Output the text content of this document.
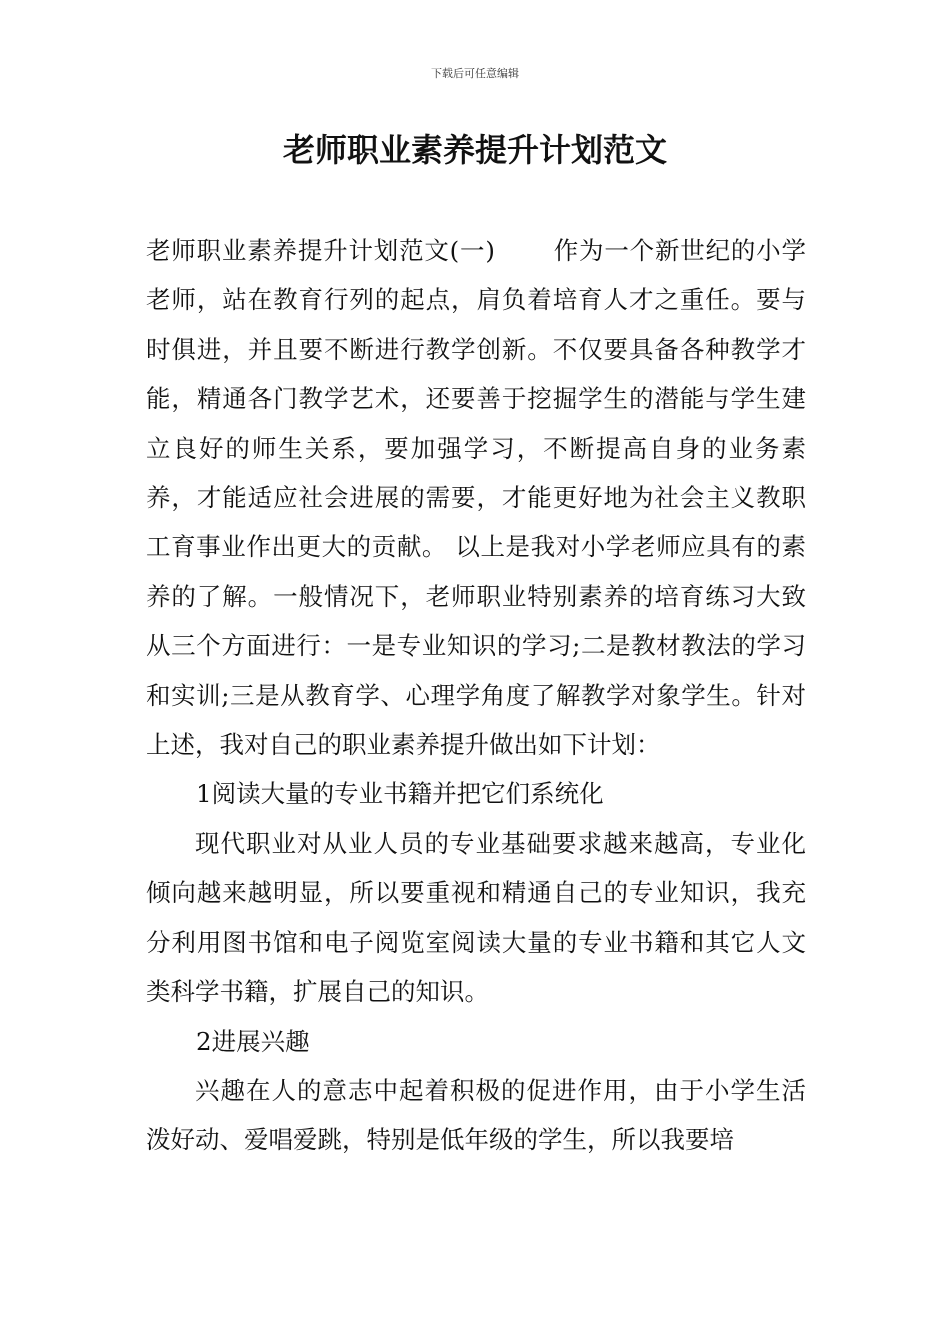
下载后可任意编辑
老师职业素养提升计划范文

老师职业素养提升计划范文(一) 作为一个新世纪的小学老师，站在教育行列的起点，肩负着培育人才之重任。要与时俱进，并且要不断进行教学创新。不仅要具备各种教学才能，精通各门教学艺术，还要善于挖掘学生的潜能与学生建立良好的师生关系，要加强学习，不断提高自身的业务素养，才能适应社会进展的需要，才能更好地为社会主义教职工育事业作出更大的贡献。 以上是我对小学老师应具有的素养的了解。一般情况下，老师职业特别素养的培育练习大致从三个方面进行：一是专业知识的学习;二是教材教法的学习和实训;三是从教育学、心理学角度了解教学对象学生。针对上述，我对自己的职业素养提升做出如下计划：

1阅读大量的专业书籍并把它们系统化

现代职业对从业人员的专业基础要求越来越高，专业化倾向越来越明显，所以要重视和精通自己的专业知识，我充分利用图书馆和电子阅览室阅读大量的专业书籍和其它人文类科学书籍，扩展自己的知识。

2进展兴趣

兴趣在人的意志中起着积极的促进作用，由于小学生活泼好动、爱唱爱跳，特别是低年级的学生，所以我要培
